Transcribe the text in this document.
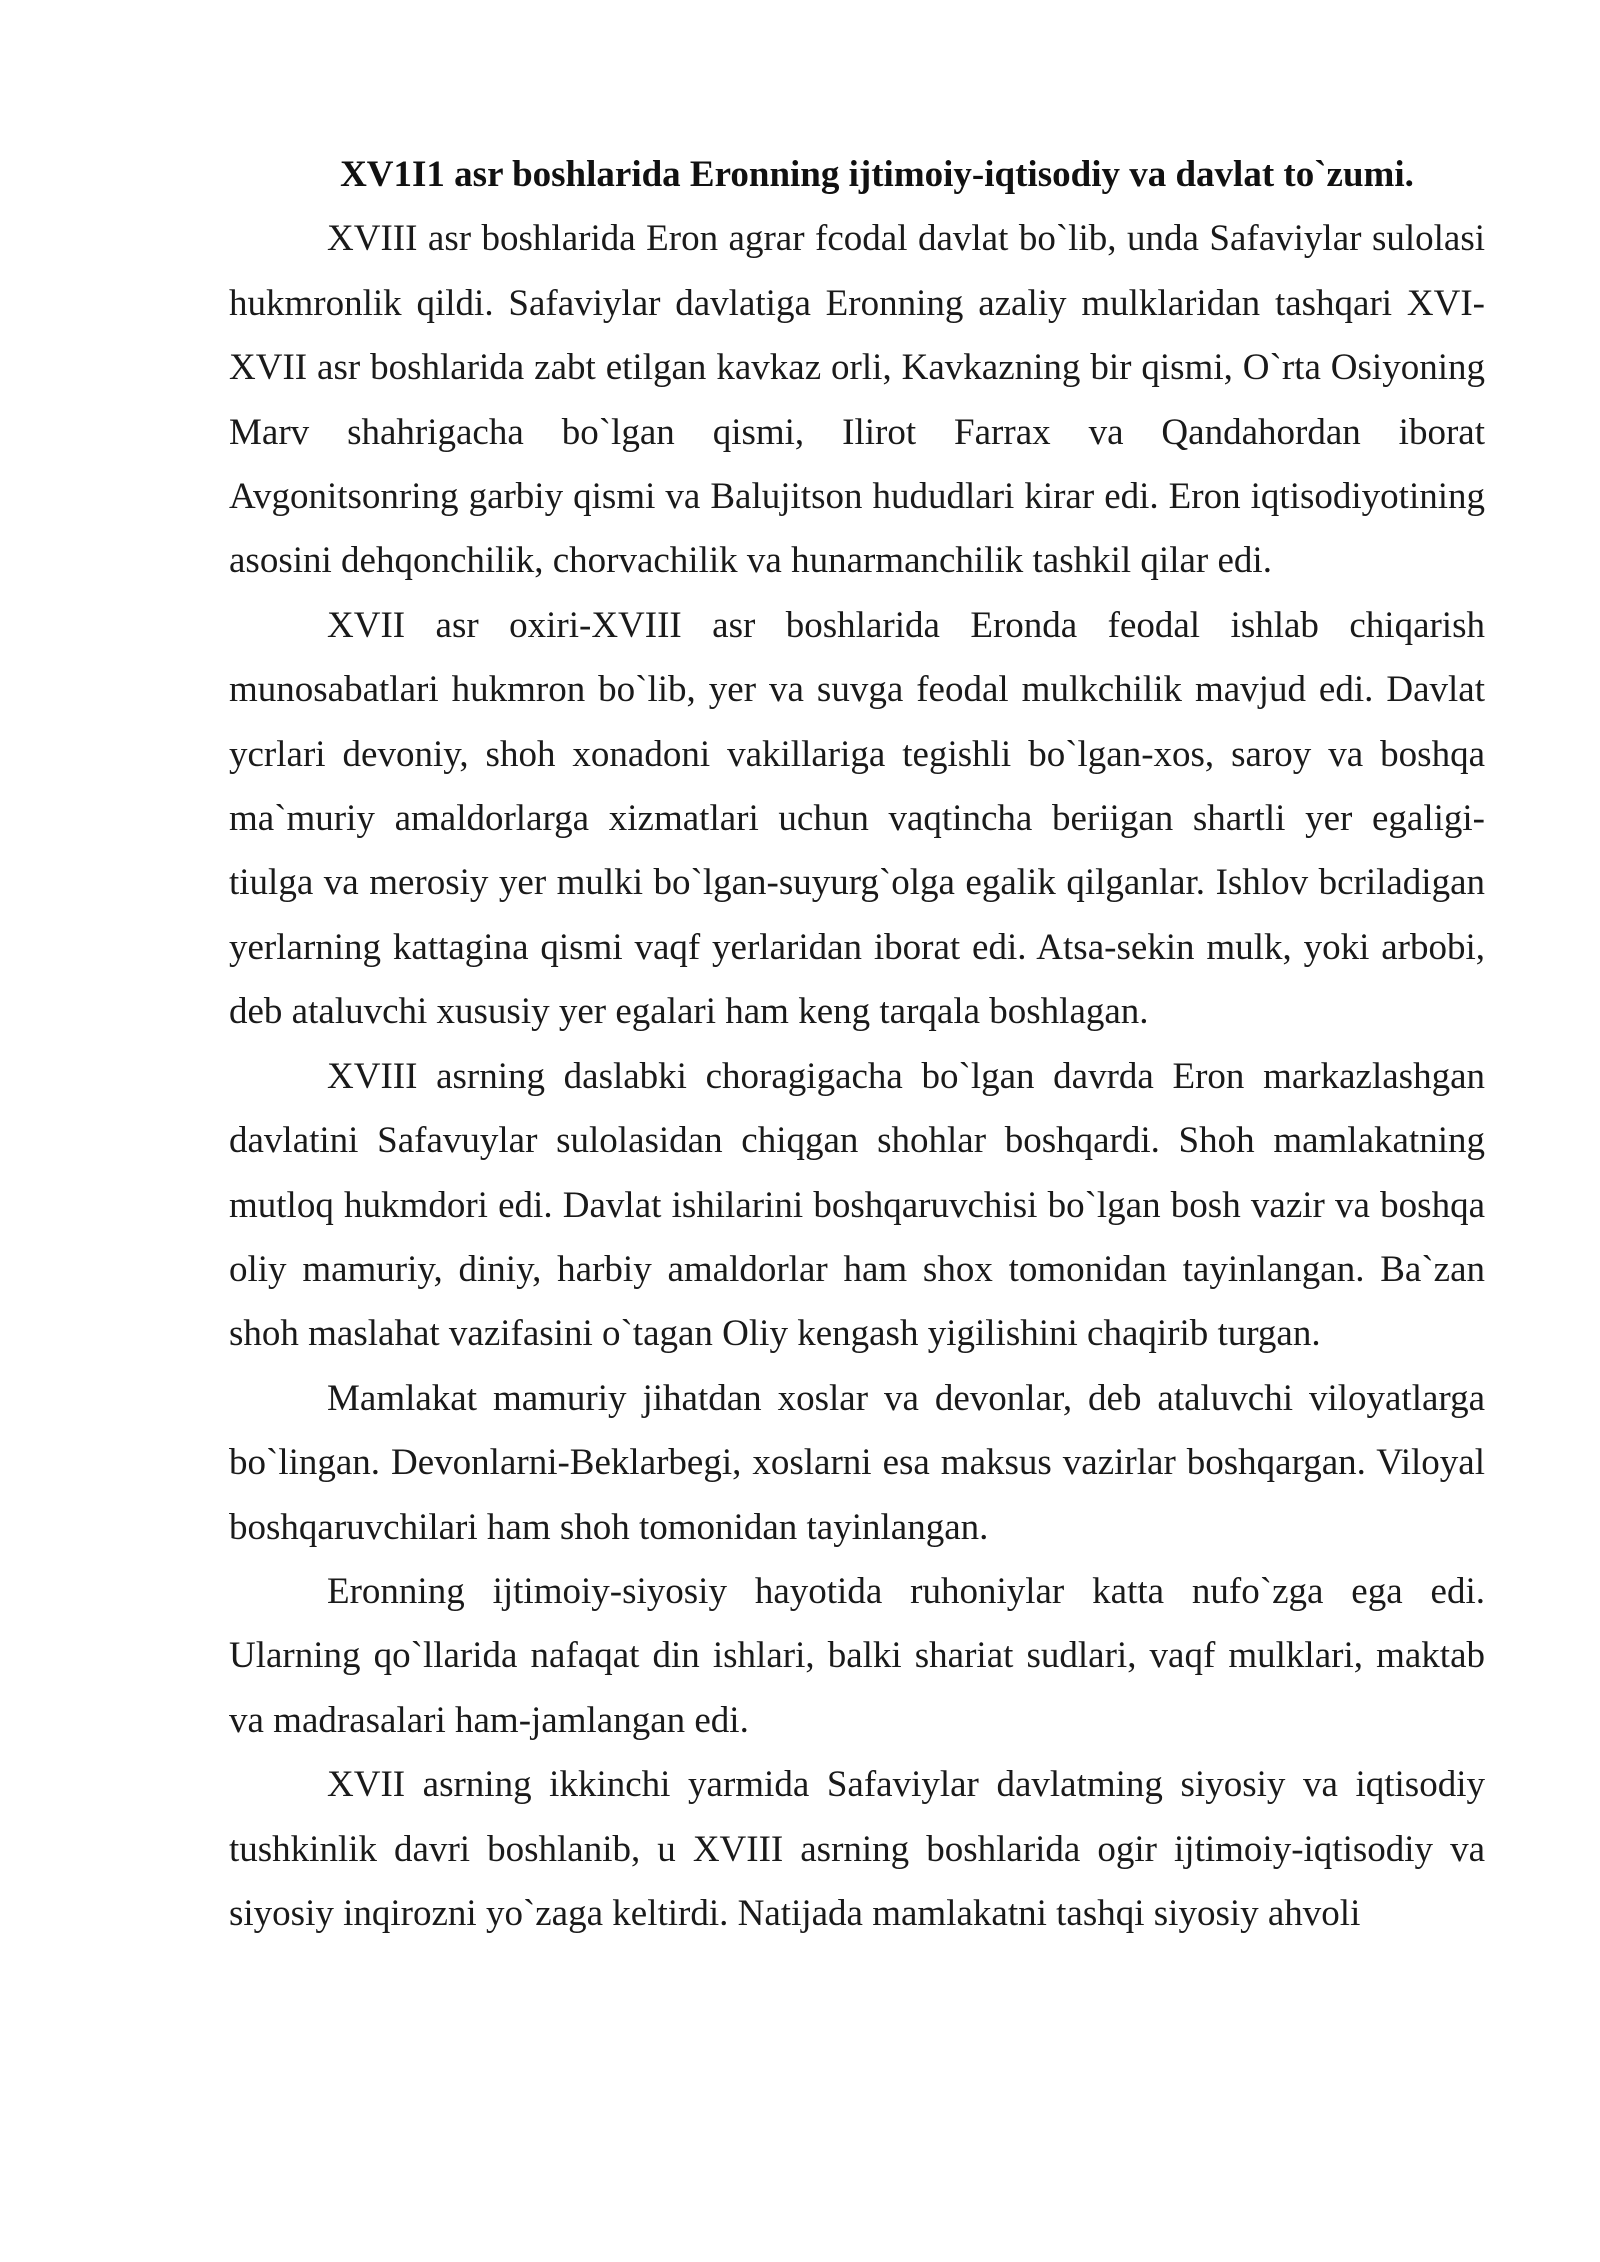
XV1I1 asr boshlarida Eronning ijtimoiy-iqtisodiy va davlat to`zumi.

XVIII asr boshlarida Eron agrar fcodal davlat bo`lib, unda Safaviylar sulolasi hukmronlik qildi. Safaviylar davlatiga Eronning azaliy mulklaridan tashqari XVI-XVII asr boshlarida zabt etilgan kavkaz orli, Kavkazning bir qismi, O`rta Osiyoning Marv shahrigacha bo`lgan qismi, Ilirot Farrax va Qandahordan iborat Avgonitsonring garbiy qismi va Balujitson hududlari kirar edi. Eron iqtisodiyotining asosini dehqonchilik, chorvachilik va hunarmanchilik tashkil qilar edi.

XVII asr oxiri-XVIII asr boshlarida Eronda feodal ishlab chiqarish munosabatlari hukmron bo`lib, yer va suvga feodal mulkchilik mavjud edi. Davlat ycrlari devoniy, shoh xonadoni vakillariga tegishli bo`lgan-xos, saroy va boshqa ma`muriy amaldorlarga xizmatlari uchun vaqtincha beriigan shartli yer egaligi-tiulga va merosiy yer mulki bo`lgan-suyurg`olga egalik qilganlar. Ishlov bcriladigan yerlarning kattagina qismi vaqf yerlaridan iborat edi. Atsa-sekin mulk, yoki arbobi, deb ataluvchi xususiy yer egalari ham keng tarqala boshlagan.

XVIII asrning daslabki choragigacha bo`lgan davrda Eron markazlashgan davlatini Safavuylar sulolasidan chiqgan shohlar boshqardi. Shoh mamlakatning mutloq hukmdori edi. Davlat ishilarini boshqaruvchisi bo`lgan bosh vazir va boshqa oliy mamuriy, diniy, harbiy amaldorlar ham shox tomonidan tayinlangan. Ba`zan shoh maslahat vazifasini o`tagan Oliy kengash yigilishini chaqirib turgan.

Mamlakat mamuriy jihatdan xoslar va devonlar, deb ataluvchi viloyatlarga bo`lingan. Devonlarni-Beklarbegi, xoslarni esa maksus vazirlar boshqargan. Viloyal boshqaruvchilari ham shoh tomonidan tayinlangan.

Eronning ijtimoiy-siyosiy hayotida ruhoniylar katta nufo`zga ega edi. Ularning qo`llarida nafaqat din ishlari, balki shariat sudlari, vaqf mulklari, maktab va madrasalari ham-jamlangan edi.

XVII asrning ikkinchi yarmida Safaviylar davlatming siyosiy va iqtisodiy tushkinlik davri boshlanib, u XVIII asrning boshlarida ogir ijtimoiy-iqtisodiy va siyosiy inqirozni yo`zaga keltirdi. Natijada mamlakatni tashqi siyosiy ahvoli
